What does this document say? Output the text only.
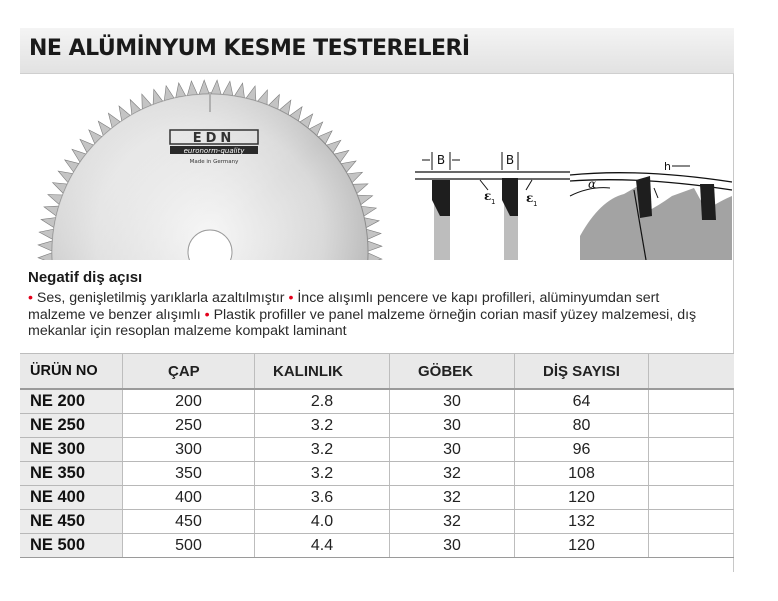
NE ALÜMİNYUM KESME TESTERELERİ
EDN
euronorm-quality
Made in Germany	B	B
ε 1	ε 1
α
h
Negatif diş açısı
• Ses, genişletilmiş yarıklarla azaltılmıştır • İnce alışımlı pencere ve kapı profilleri, alüminyumdan sert malzeme ve benzer alışımlı • Plastik profiller ve panel malzeme örneğin corian masif yüzey malzemesi, dış mekanlar için resoplan malzeme kompakt laminant
ÜRÜN NO	ÇAP	KALINLIK	GÖBEK	DİŞ SAYISI
NE 200	200	2.8	30	64
NE 250	250	3.2	30	80
NE 300	300	3.2	30	96
NE 350	350	3.2	32	108
NE 400	400	3.6	32	120
NE 450	450	4.0	32	132
NE 500	500	4.4	30	120
